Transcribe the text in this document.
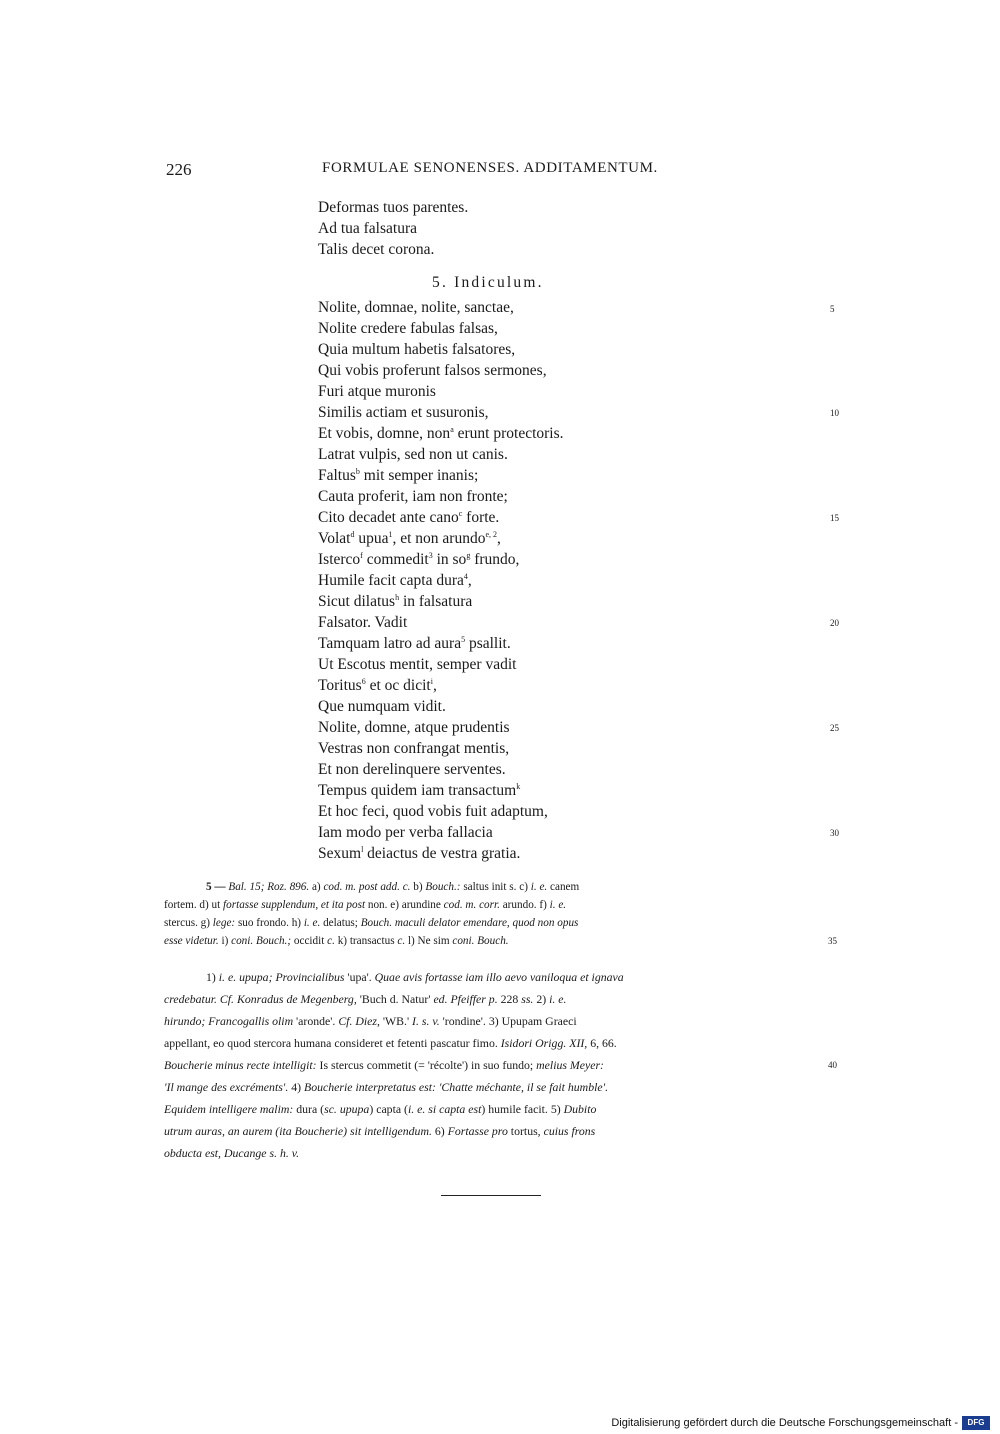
226	FORMULAE SENONENSES. ADDITAMENTUM.
Deformas tuos parentes.
Ad tua falsatura
Talis decet corona.
5. Indiculum.
Nolite, domnae, nolite, sanctae,
Nolite credere fabulas falsas,
Quia multum habetis falsatores,
Qui vobis proferunt falsos sermones,
Furi atque muronis
Similis actiam et susuronis,
Et vobis, domne, non$^a$ erunt protectoris.
Latrat vulpis, sed non ut canis.
Faltus$^b$ mit semper inanis;
Cauta proferit, iam non fronte;
Cito decadet ante cano$^c$ forte.
Volat$^d$ upua$^1$, et non arundo$^{e, 2}$,
Isterco$^f$ commedit$^3$ in $so^g$ frundo,
Humile facit capta dura$^4$,
Sicut dilatus$^h$ in falsatura
Falsator. Vadit
Tamquam latro ad aura$^5$ psallit.
Ut Escotus mentit, semper vadit
Toritus$^6$ et oc dicit$^i$,
Que numquam vidit.
Nolite, domne, atque prudentis
Vestras non confrangat mentis,
Et non derelinquere serventes.
Tempus quidem iam transactum$^k$
Et hoc feci, quod vobis fuit adaptum,
Iam modo per verba fallacia
Sexum$^l$ deiactus de vestra gratia.
5
10
15
20
25
30
5 — Bal. 15; Roz. 896. a) cod. m. post add. c. b) Bouch.: saltus init s. c) i. e. canem
fortem. d) ut fortasse supplendum, et ita post non. e) arundine cod. m. corr. arundo. f) i. e.
stercus. g) lege: suo frondo. h) i. e. delatus; Bouch. maculi delator emendare, quod non opus
esse videtur. i) coni. Bouch.; occidit c. k) transactus c. l) Ne sim coni. Bouch.	35
1) i. e. upupa; Provincialibus 'upa'. Quae avis fortasse iam illo aevo vaniloqua et ignava
credebatur. Cf. Konradus de Megenberg, 'Buch d. Natur' ed. Pfeiffer p. 228 ss. 2) i. e.
hirundo; Francogallis olim 'aronde'. Cf. Diez, 'WB.' I. s. v. 'rondine'. 3) Upupam Graeci
appellant, eo quod stercora humana consideret et fetenti pascatur fimo. Isidori Origg. XII, 6, 66.
Boucherie minus recte intelligit: Is stercus commetit (= 'récolte') in suo fundo; melius Meyer:	40
'Il mange des excréments'. 4) Boucherie interpretatus est: 'Chatte méchante, il se fait humble'.
Equidem intelligere malim: dura (sc. upupa) capta (i. e. si capta est) humile facit. 5) Dubito
utrum auras, an aurem (ita Boucherie) sit intelligendum. 6) Fortasse pro tortus, cuius frons
obducta est, Ducange s. h. v.
Digitalisierung gefördert durch die Deutsche Forschungsgemeinschaft -	DFG
